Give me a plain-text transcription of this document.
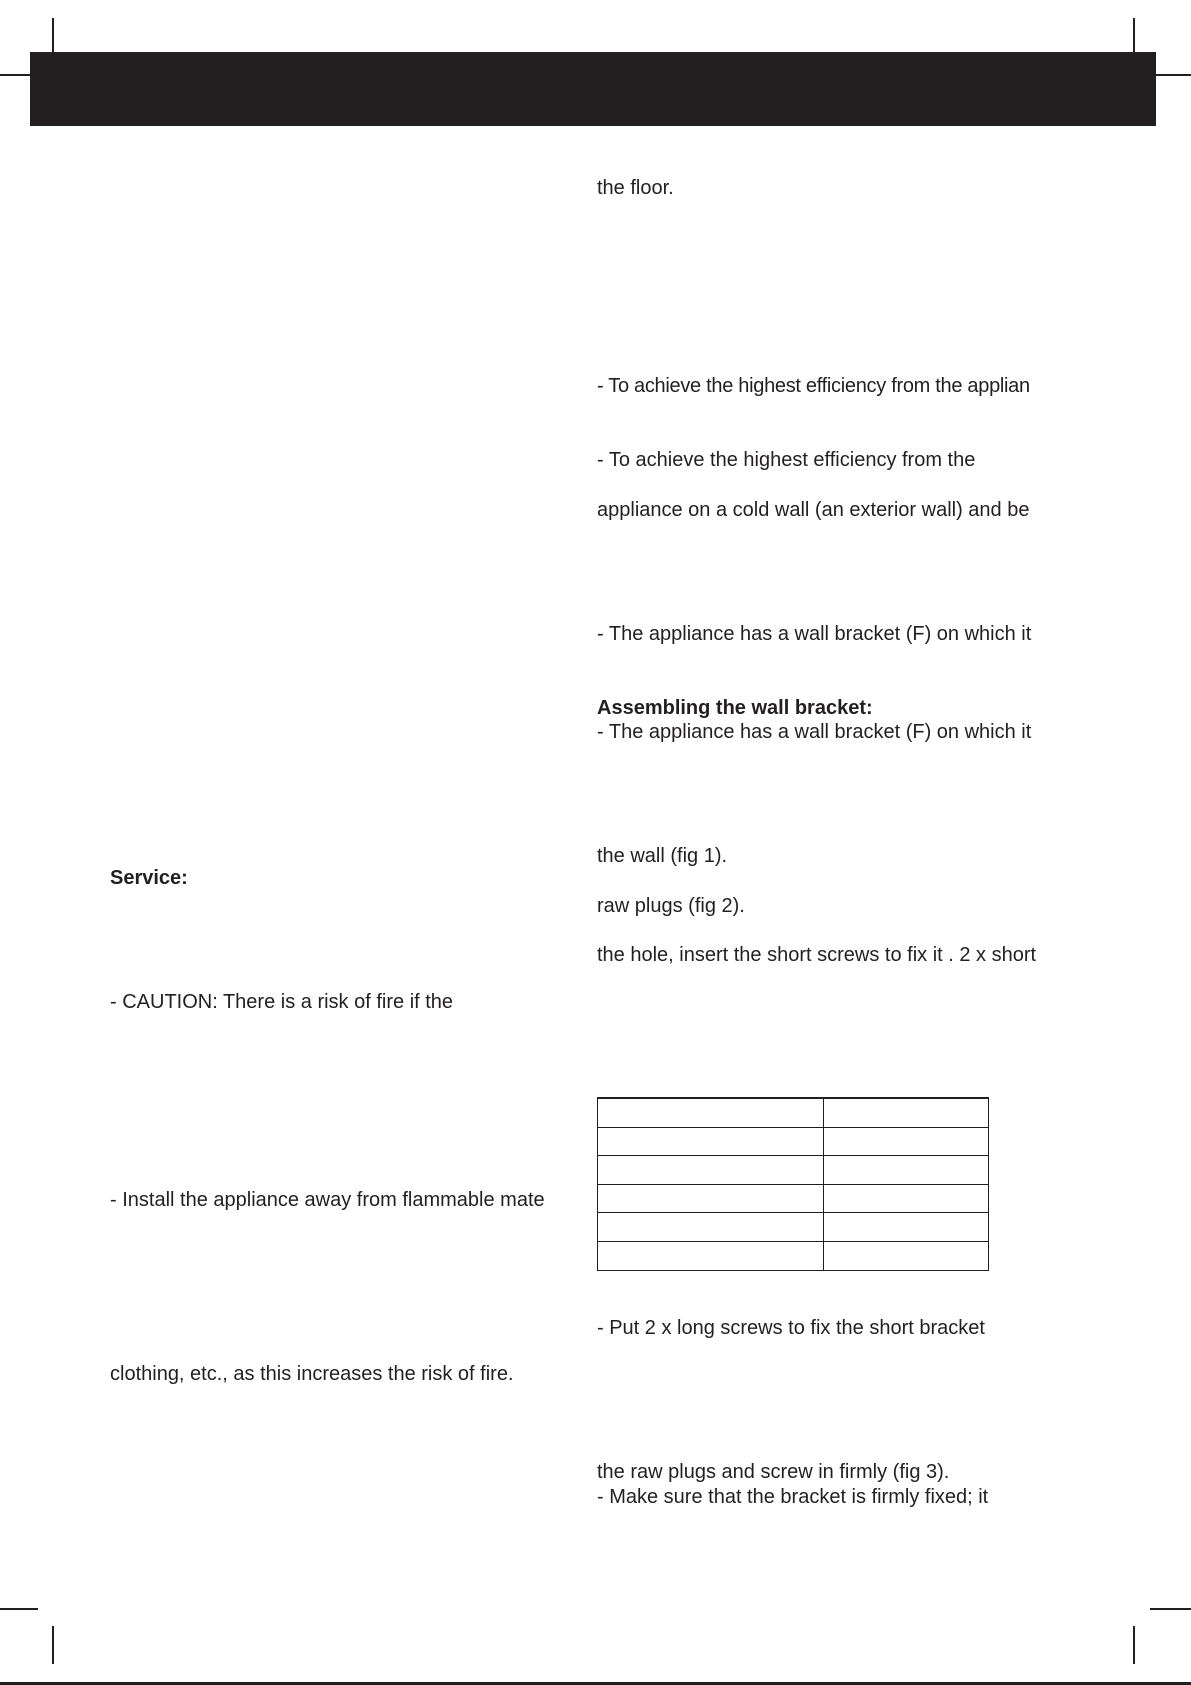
Service:
- CAUTION: There is a risk of fire if the
- Install the appliance away from flammable mate
clothing, etc., as this increases the risk of fire.
the floor.
- To achieve the highest efficiency from the applian
- To achieve the highest efficiency from the
appliance on a cold wall (an exterior wall) and be
- The appliance has a wall bracket (F) on which it
Assembling the wall bracket:
- The appliance has a wall bracket (F) on which it
the wall (fig 1).
raw plugs (fig 2).
the hole, insert the short screws to fix it . 2 x short

- Put 2 x long screws to fix the short bracket
the raw plugs and screw in firmly (fig 3).
- Make sure that the bracket is firmly fixed; it
